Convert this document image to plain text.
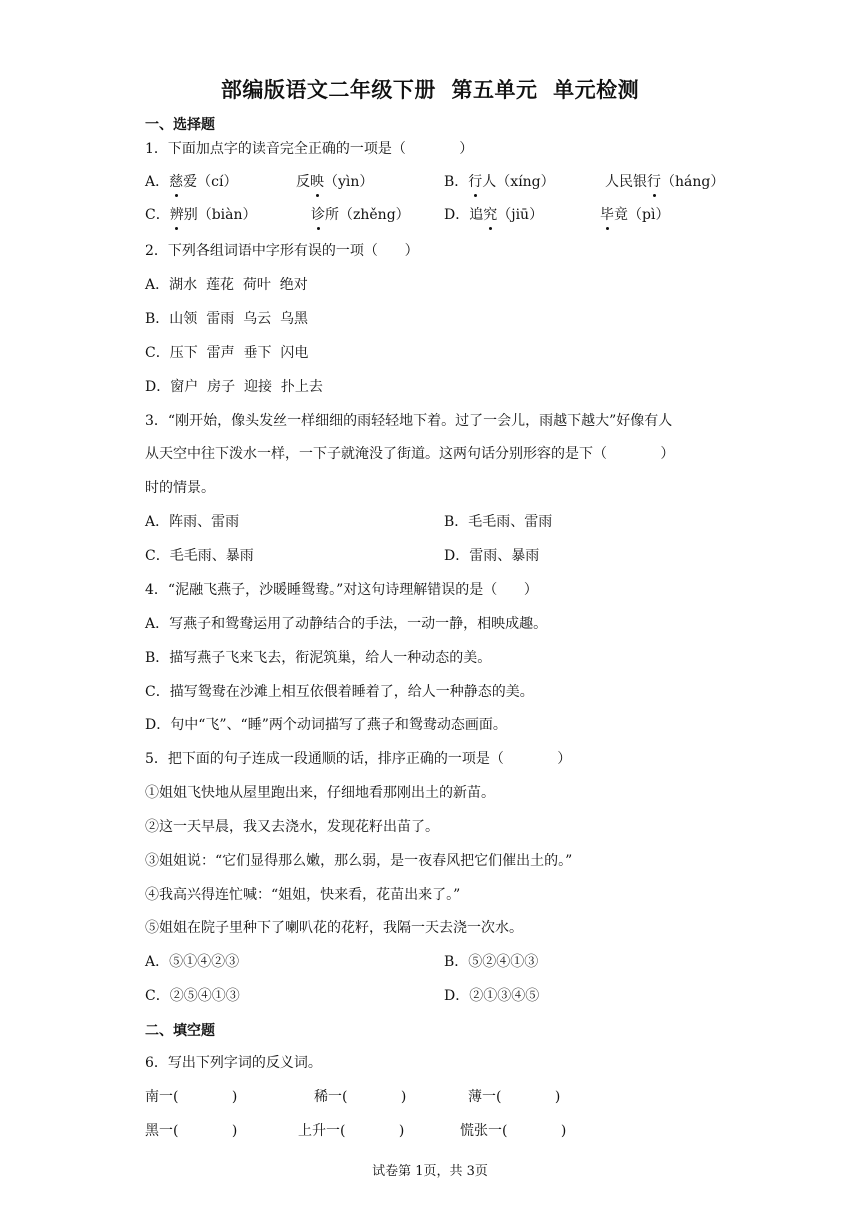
部编版语文二年级下册  第五单元  单元检测
一、选择题
1．下面加点字的读音完全正确的一项是（            ）
A．慈爱（cí）	反映（yìn）	B．行人（xíng）	人民银行（háng）
C．辨别（biàn）	诊所（zhěng） D．追究（jiū）	毕竟（pì）
2．下列各组词语中字形有误的一项（      ）
A．湖水  莲花  荷叶  绝对
B．山领  雷雨  乌云  乌黑
C．压下  雷声  垂下  闪电
D．窗户  房子  迎接  扑上去
3．“刚开始，像头发丝一样细细的雨轻轻地下着。过了一会儿，雨越下越大”好像有人
从天空中往下泼水一样，一下子就淹没了街道。这两句话分别形容的是下（            ）
时的情景。
A．阵雨、雷雨	B．毛毛雨、雷雨
C．毛毛雨、暴雨	D．雷雨、暴雨
4．“泥融飞燕子，沙暖睡鸳鸯。”对这句诗理解错误的是（      ）
A．写燕子和鸳鸯运用了动静结合的手法，一动一静，相映成趣。
B．描写燕子飞来飞去，衔泥筑巢，给人一种动态的美。
C．描写鸳鸯在沙滩上相互依偎着睡着了，给人一种静态的美。
D．句中“飞”、“睡”两个动词描写了燕子和鸳鸯动态画面。
5．把下面的句子连成一段通顺的话，排序正确的一项是（            ）
①姐姐飞快地从屋里跑出来，仔细地看那刚出土的新苗。
②这一天早晨，我又去浇水，发现花籽出苗了。
③姐姐说：“它们显得那么嫩，那么弱，是一夜春风把它们催出土的。”
④我高兴得连忙喊：“姐姐，快来看，花苗出来了。”
⑤姐姐在院子里种下了喇叭花的花籽，我隔一天去浇一次水。
A．⑤①④②③	B．⑤②④①③
C．②⑤④①③	D．②①③④⑤
二、填空题
6．写出下列字词的反义词。
南一(            )	稀一(            )	薄一(            )
黑一(            )	上升一(            )	慌张一(            )
试卷第 1页，共 3页
